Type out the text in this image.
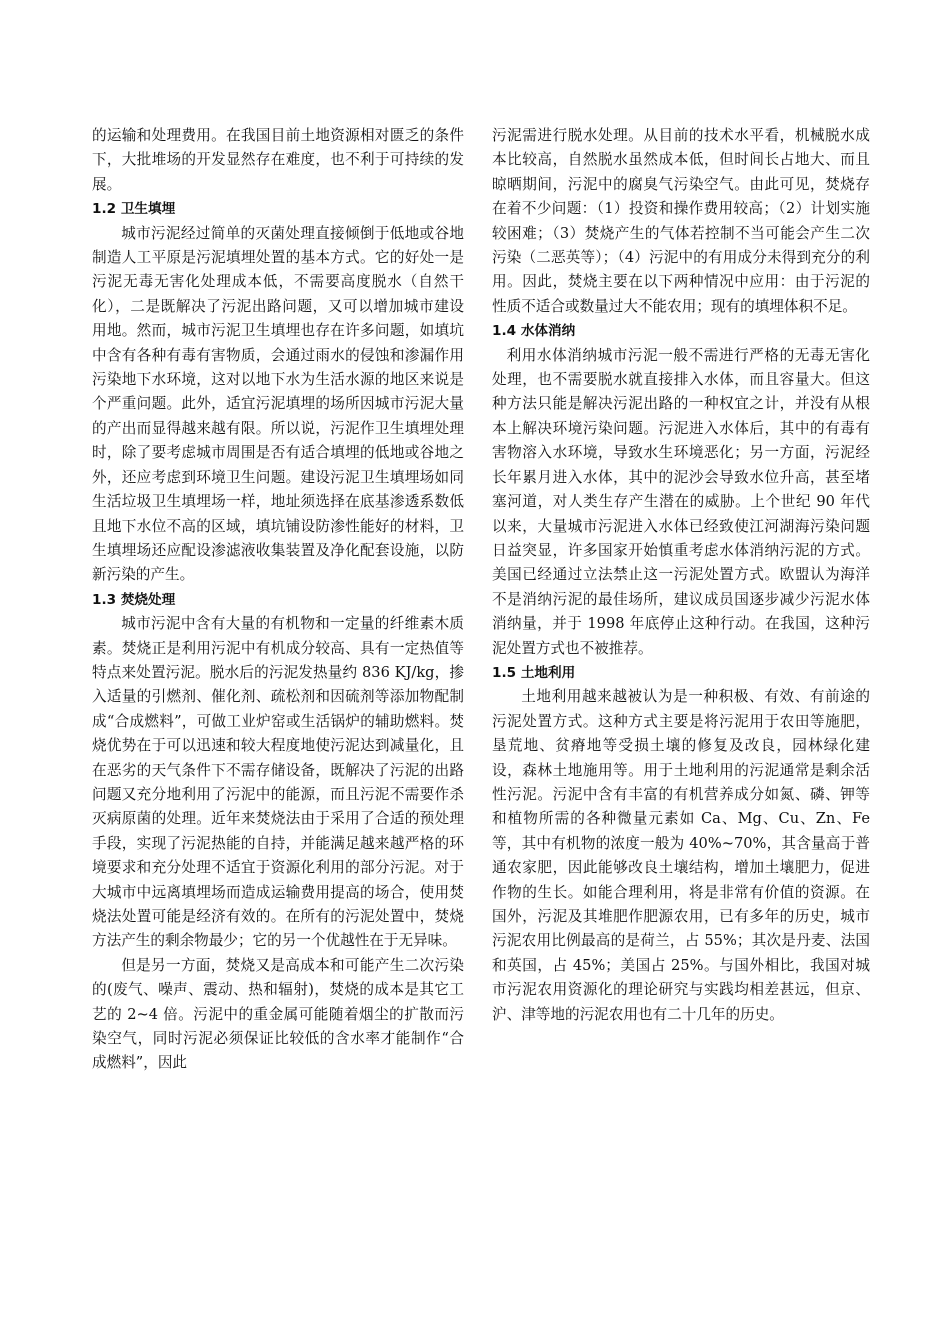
的运输和处理费用。在我国目前土地资源相对匮乏的条件下，大批堆场的开发显然存在难度，也不利于可持续的发展。

1.2 卫生填埋

城市污泥经过简单的灭菌处理直接倾倒于低地或谷地制造人工平原是污泥填埋处置的基本方式。它的好处一是污泥无毒无害化处理成本低，不需要高度脱水（自然干化），二是既解决了污泥出路问题，又可以增加城市建设用地。然而，城市污泥卫生填埋也存在许多问题，如填坑中含有各种有毒有害物质，会通过雨水的侵蚀和渗漏作用污染地下水环境，这对以地下水为生活水源的地区来说是个严重问题。此外，适宜污泥填埋的场所因城市污泥大量的产出而显得越来越有限。所以说，污泥作卫生填埋处理时，除了要考虑城市周围是否有适合填埋的低地或谷地之外，还应考虑到环境卫生问题。建设污泥卫生填埋场如同生活垃圾卫生填埋场一样，地址须选择在底基渗透系数低且地下水位不高的区域，填坑铺设防渗性能好的材料，卫生填埋场还应配设渗滤液收集装置及净化配套设施，以防新污染的产生。

1.3 焚烧处理

城市污泥中含有大量的有机物和一定量的纤维素木质素。焚烧正是利用污泥中有机成分较高、具有一定热值等特点来处置污泥。脱水后的污泥发热量约 836 KJ/kg，掺入适量的引燃剂、催化剂、疏松剂和因硫剂等添加物配制成“合成燃料”，可做工业炉窑或生活锅炉的辅助燃料。焚烧优势在于可以迅速和较大程度地使污泥达到减量化，且在恶劣的天气条件下不需存储设备，既解决了污泥的出路问题又充分地利用了污泥中的能源，而且污泥不需要作杀灭病原菌的处理。近年来焚烧法由于采用了合适的预处理手段，实现了污泥热能的自持，并能满足越来越严格的环境要求和充分处理不适宜于资源化利用的部分污泥。对于大城市中远离填埋场而造成运输费用提高的场合，使用焚烧法处置可能是经济有效的。在所有的污泥处置中，焚烧方法产生的剩余物最少；它的另一个优越性在于无异味。

但是另一方面，焚烧又是高成本和可能产生二次污染的(废气、噪声、震动、热和辐射)，焚烧的成本是其它工艺的 2~4 倍。污泥中的重金属可能随着烟尘的扩散而污染空气，同时污泥必须保证比较低的含水率才能制作“合成燃料”，因此

污泥需进行脱水处理。从目前的技术水平看，机械脱水成本比较高，自然脱水虽然成本低，但时间长占地大、而且晾晒期间，污泥中的腐臭气污染空气。由此可见，焚烧存在着不少问题：（1）投资和操作费用较高；（2）计划实施较困难；（3）焚烧产生的气体若控制不当可能会产生二次污染（二恶英等）；（4）污泥中的有用成分未得到充分的利用。因此，焚烧主要在以下两种情况中应用：由于污泥的性质不适合或数量过大不能农用；现有的填埋体积不足。

1.4 水体消纳

利用水体消纳城市污泥一般不需进行严格的无毒无害化处理，也不需要脱水就直接排入水体，而且容量大。但这种方法只能是解决污泥出路的一种权宜之计，并没有从根本上解决环境污染问题。污泥进入水体后，其中的有毒有害物溶入水环境，导致水生环境恶化；另一方面，污泥经长年累月进入水体，其中的泥沙会导致水位升高，甚至堵塞河道，对人类生存产生潜在的威胁。上个世纪 90 年代以来，大量城市污泥进入水体已经致使江河湖海污染问题日益突显，许多国家开始慎重考虑水体消纳污泥的方式。美国已经通过立法禁止这一污泥处置方式。欧盟认为海洋不是消纳污泥的最佳场所，建议成员国逐步减少污泥水体消纳量，并于 1998 年底停止这种行动。在我国，这种污泥处置方式也不被推荐。

1.5 土地利用

土地利用越来越被认为是一种积极、有效、有前途的污泥处置方式。这种方式主要是将污泥用于农田等施肥，垦荒地、贫瘠地等受损土壤的修复及改良，园林绿化建设，森林土地施用等。用于土地利用的污泥通常是剩余活性污泥。污泥中含有丰富的有机营养成分如氮、磷、钾等和植物所需的各种微量元素如 Ca、Mg、Cu、Zn、Fe等，其中有机物的浓度一般为 40%~70%，其含量高于普通农家肥，因此能够改良土壤结构，增加土壤肥力，促进作物的生长。如能合理利用，将是非常有价值的资源。在国外，污泥及其堆肥作肥源农用，已有多年的历史，城市污泥农用比例最高的是荷兰，占 55%；其次是丹麦、法国和英国，占 45%；美国占 25%。与国外相比，我国对城市污泥农用资源化的理论研究与实践均相差甚远，但京、沪、津等地的污泥农用也有二十几年的历史。
